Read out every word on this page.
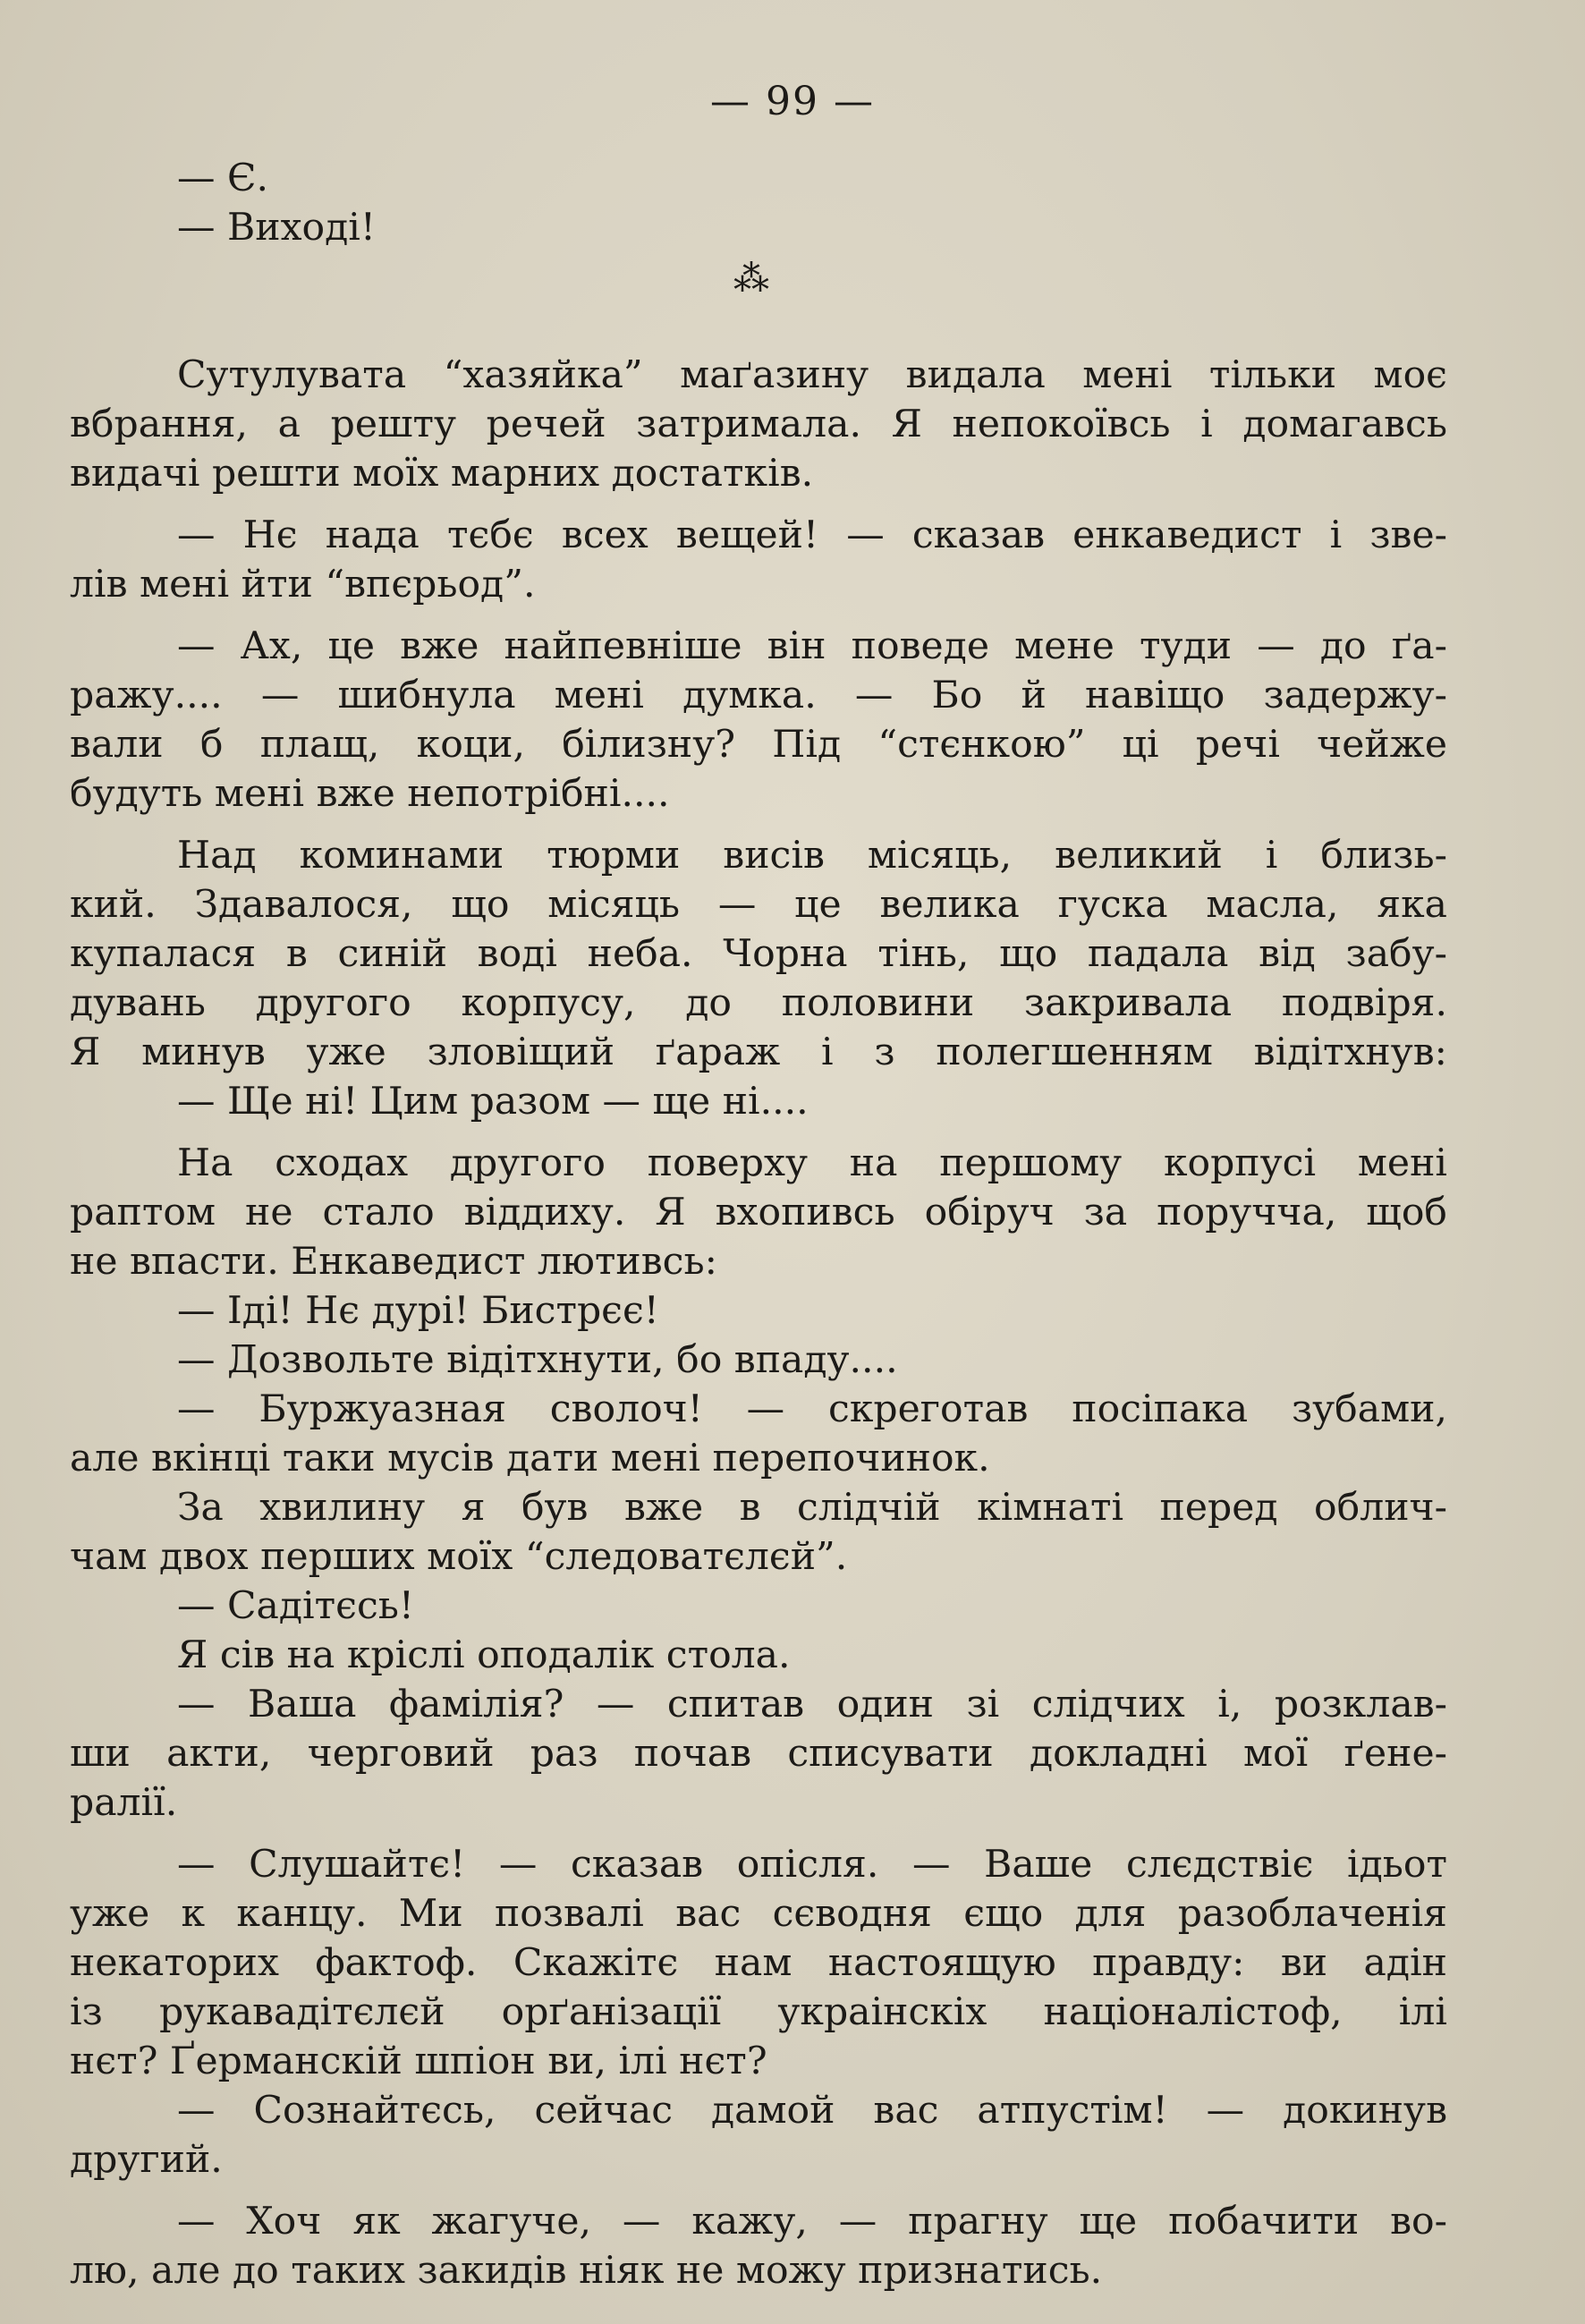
— 99 —
⁂
— Є.
— Виході!
Сутулувата “хазяйка” маґазину видала мені тільки моє
вбрання, а решту речей затримала. Я непокоївсь і домагавсь
видачі решти моїх марних достатків.
— Нє нада тєбє всех вещей! — сказав енкаведист і зве-
лів мені йти “впєрьод”.
— Ах, це вже найпевніше він поведе мене туди — до ґа-
ражу.... — шибнула мені думка. — Бо й навіщо задержу-
вали б плащ, коци, білизну? Під “стєнкою” ці речі чейже
будуть мені вже непотрібні....
Над коминами тюрми висів місяць, великий і близь-
кий. Здавалося, що місяць — це велика гуска масла, яка
купалася в синій воді неба. Чорна тінь, що падала від забу-
дувань другого корпусу, до половини закривала подвіря.
Я минув уже зловіщий ґараж і з полегшенням відітхнув:
— Ще ні! Цим разом — ще ні....
На сходах другого поверху на першому корпусі мені
раптом не стало віддиху. Я вхопивсь обіруч за поручча, щоб
не впасти. Енкаведист лютивсь:
— Іді! Нє дурі! Бистрєє!
— Дозвольте відітхнути, бо впаду....
— Буржуазная сволоч! — скреготав посіпака зубами,
але вкінці таки мусів дати мені перепочинок.
За хвилину я був вже в слідчій кімнаті перед облич-
чам двох перших моїх “следоватєлєй”.
— Садітєсь!
Я сів на кріслі оподалік стола.
— Ваша фамілія? — спитав один зі слідчих і, розклав-
ши акти, черговий раз почав списувати докладні мої ґене-
ралії.
— Слушайтє! — сказав опісля. — Ваше слєдствіє ідьот
уже к канцу. Ми позвалі вас сєводня єщо для разоблаченія
некаторих фактоф. Скажітє нам настоящую правду: ви адін
із рукавадітєлєй орґанізації украінскіх націоналістоф, ілі
нєт? Ґерманскій шпіон ви, ілі нєт?
— Сознайтєсь, сейчас дамой вас атпустім! — докинув
другий.
— Хоч як жагуче, — кажу, — прагну ще побачити во-
лю, але до таких закидів ніяк не можу признатись.
